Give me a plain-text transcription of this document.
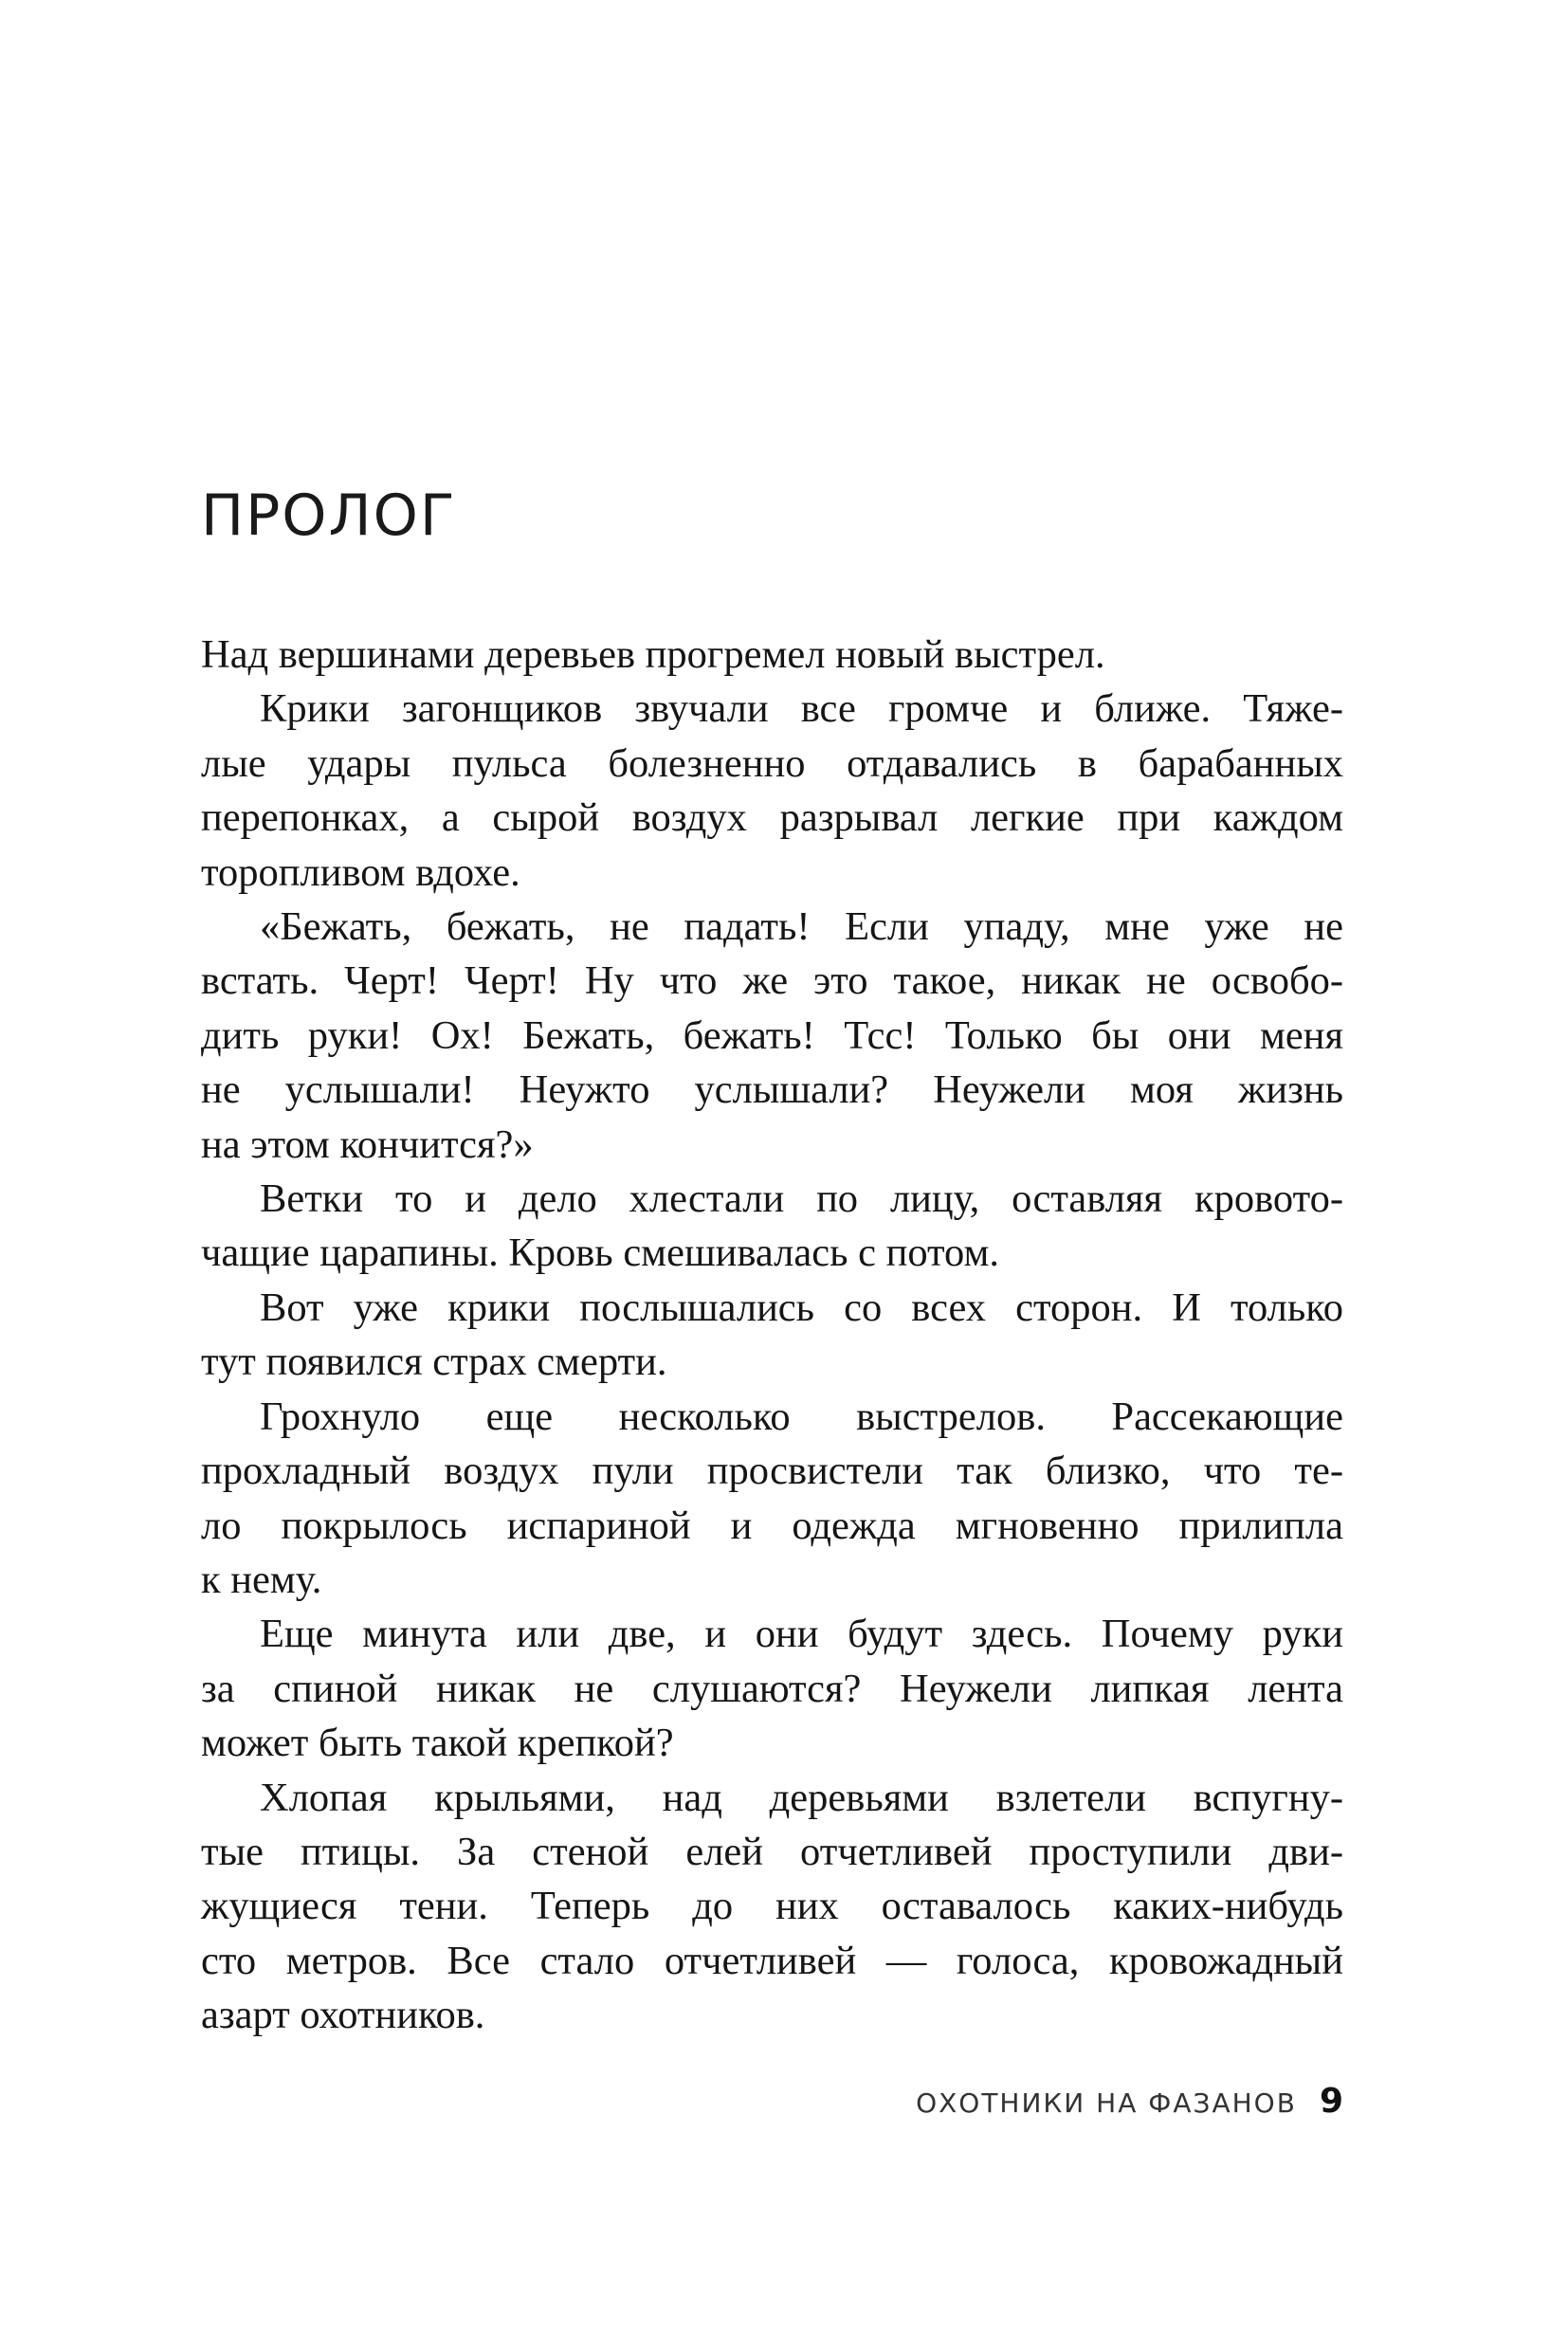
ПРОЛОГ
Над вершинами деревьев прогремел новый выстрел.
Крики загонщиков звучали все громче и ближе. Тяже-
лые удары пульса болезненно отдавались в барабанных
перепонках, а сырой воздух разрывал легкие при каждом
торопливом вдохе.
«Бежать, бежать, не падать! Если упаду, мне уже не
встать. Черт! Черт! Ну что же это такое, никак не освобо-
дить руки! Ох! Бежать, бежать! Тсс! Только бы они меня
не услышали! Неужто услышали? Неужели моя жизнь
на этом кончится?»
Ветки то и дело хлестали по лицу, оставляя кровото-
чащие царапины. Кровь смешивалась с потом.
Вот уже крики послышались со всех сторон. И только
тут появился страх смерти.
Грохнуло еще несколько выстрелов. Рассекающие
прохладный воздух пули просвистели так близко, что те-
ло покрылось испариной и одежда мгновенно прилипла
к нему.
Еще минута или две, и они будут здесь. Почему руки
за спиной никак не слушаются? Неужели липкая лента
может быть такой крепкой?
Хлопая крыльями, над деревьями взлетели вспугну-
тые птицы. За стеной елей отчетливей проступили дви-
жущиеся тени. Теперь до них оставалось каких-нибудь
сто метров. Все стало отчетливей — голоса, кровожадный
азарт охотников.
ОХОТНИКИ НА ФАЗАНОВ 9
